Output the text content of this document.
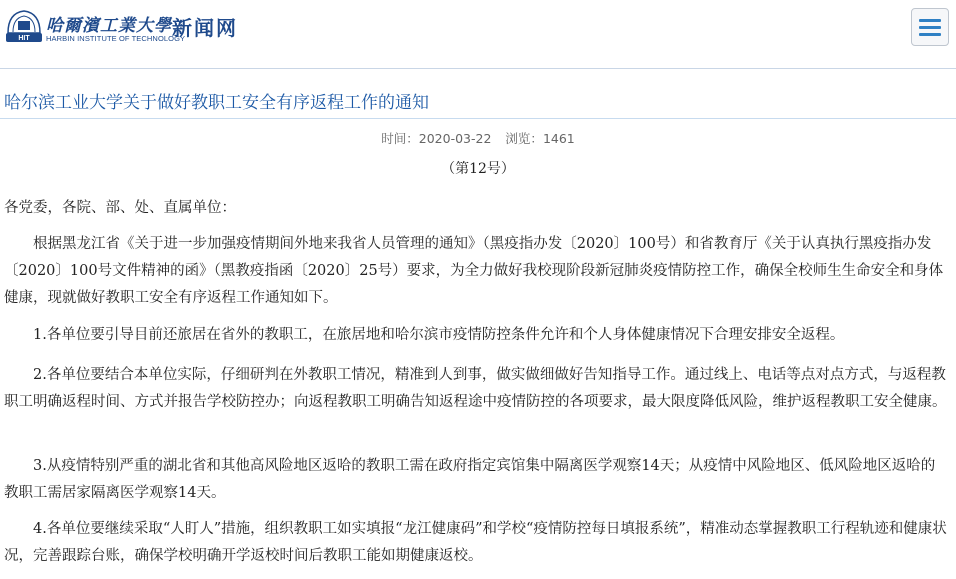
HIT
哈爾濱工業大學
HARBIN INSTITUTE OF TECHNOLOGY
新闻网
哈尔滨工业大学关于做好教职工安全有序返程工作的通知
时间：2020-03-22 浏览：1461
（第12号）
各党委，各院、部、处、直属单位：
根据黑龙江省《关于进一步加强疫情期间外地来我省人员管理的通知》（黑疫指办发〔2020〕100号）和省教育厅《关于认真执行黑疫指办发〔2020〕100号文件精神的函》（黑教疫指函〔2020〕25号）要求，为全力做好我校现阶段新冠肺炎疫情防控工作，确保全校师生生命安全和身体健康，现就做好教职工安全有序返程工作通知如下。
1.各单位要引导目前还旅居在省外的教职工，在旅居地和哈尔滨市疫情防控条件允许和个人身体健康情况下合理安排安全返程。
2.各单位要结合本单位实际，仔细研判在外教职工情况，精准到人到事，做实做细做好告知指导工作。通过线上、电话等点对点方式，与返程教职工明确返程时间、方式并报告学校防控办；向返程教职工明确告知返程途中疫情防控的各项要求，最大限度降低风险，维护返程教职工安全健康。
3.从疫情特别严重的湖北省和其他高风险地区返哈的教职工需在政府指定宾馆集中隔离医学观察14天；从疫情中风险地区、低风险地区返哈的教职工需居家隔离医学观察14天。
4.各单位要继续采取“人盯人”措施，组织教职工如实填报“龙江健康码”和学校“疫情防控每日填报系统”，精准动态掌握教职工行程轨迹和健康状况，完善跟踪台账，确保学校明确开学返校时间后教职工能如期健康返校。
